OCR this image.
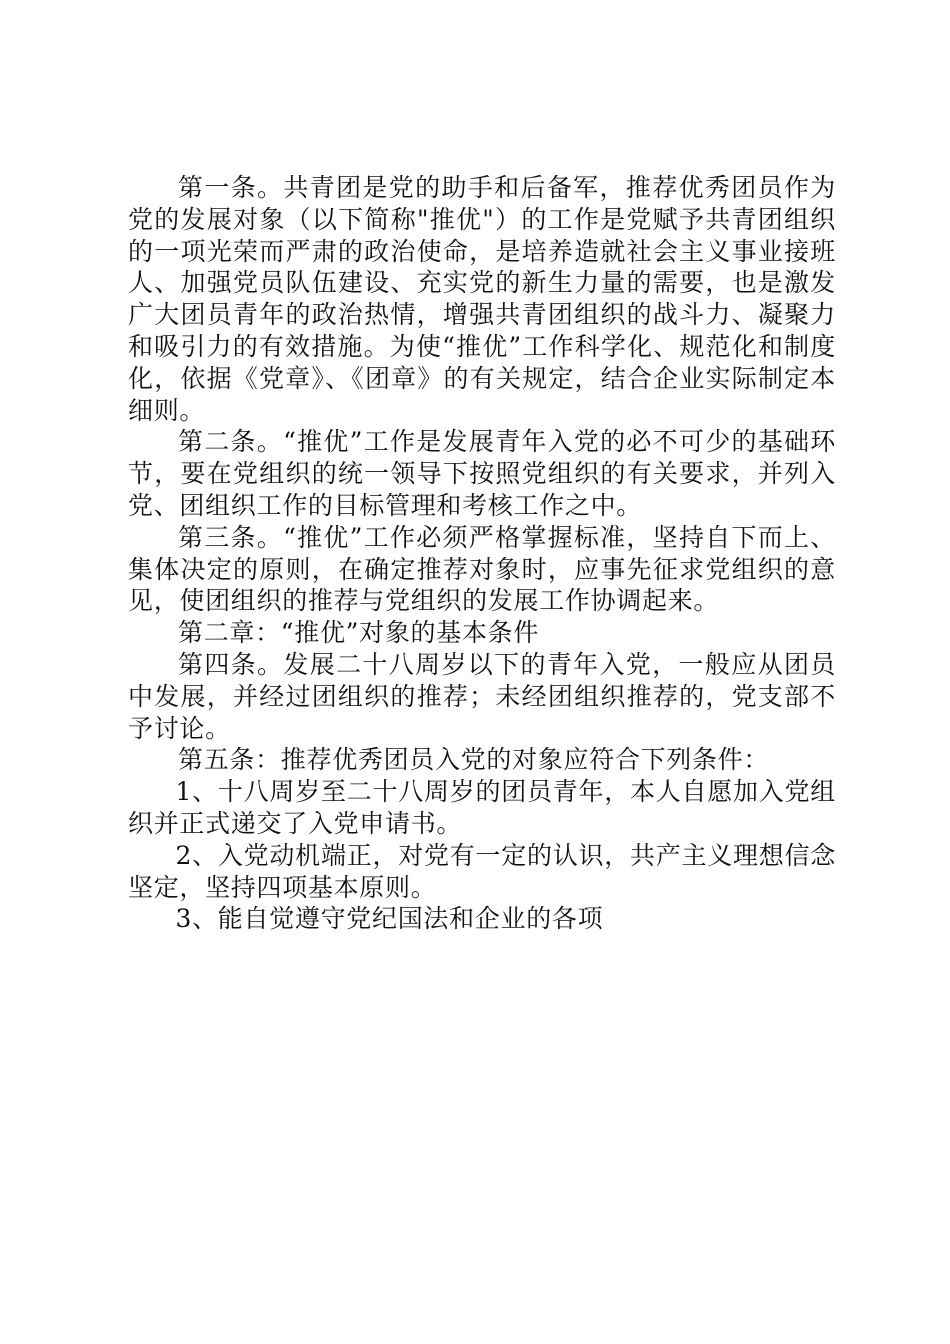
第一条。共青团是党的助手和后备军，推荐优秀团员作为党的发展对象（以下简称"推优"）的工作是党赋予共青团组织的一项光荣而严肃的政治使命，是培养造就社会主义事业接班人、加强党员队伍建设、充实党的新生力量的需要，也是激发广大团员青年的政治热情，增强共青团组织的战斗力、凝聚力和吸引力的有效措施。为使“推优”工作科学化、规范化和制度化，依据《党章》、《团章》的有关规定，结合企业实际制定本细则。

第二条。“推优”工作是发展青年入党的必不可少的基础环节，要在党组织的统一领导下按照党组织的有关要求，并列入党、团组织工作的目标管理和考核工作之中。

第三条。“推优”工作必须严格掌握标准，坚持自下而上、集体决定的原则，在确定推荐对象时，应事先征求党组织的意见，使团组织的推荐与党组织的发展工作协调起来。

第二章：“推优”对象的基本条件

第四条。发展二十八周岁以下的青年入党，一般应从团员中发展，并经过团组织的推荐；未经团组织推荐的，党支部不予讨论。

第五条：推荐优秀团员入党的对象应符合下列条件：

1、十八周岁至二十八周岁的团员青年，本人自愿加入党组织并正式递交了入党申请书。

2、入党动机端正，对党有一定的认识，共产主义理想信念坚定，坚持四项基本原则。

3、能自觉遵守党纪国法和企业的各项
